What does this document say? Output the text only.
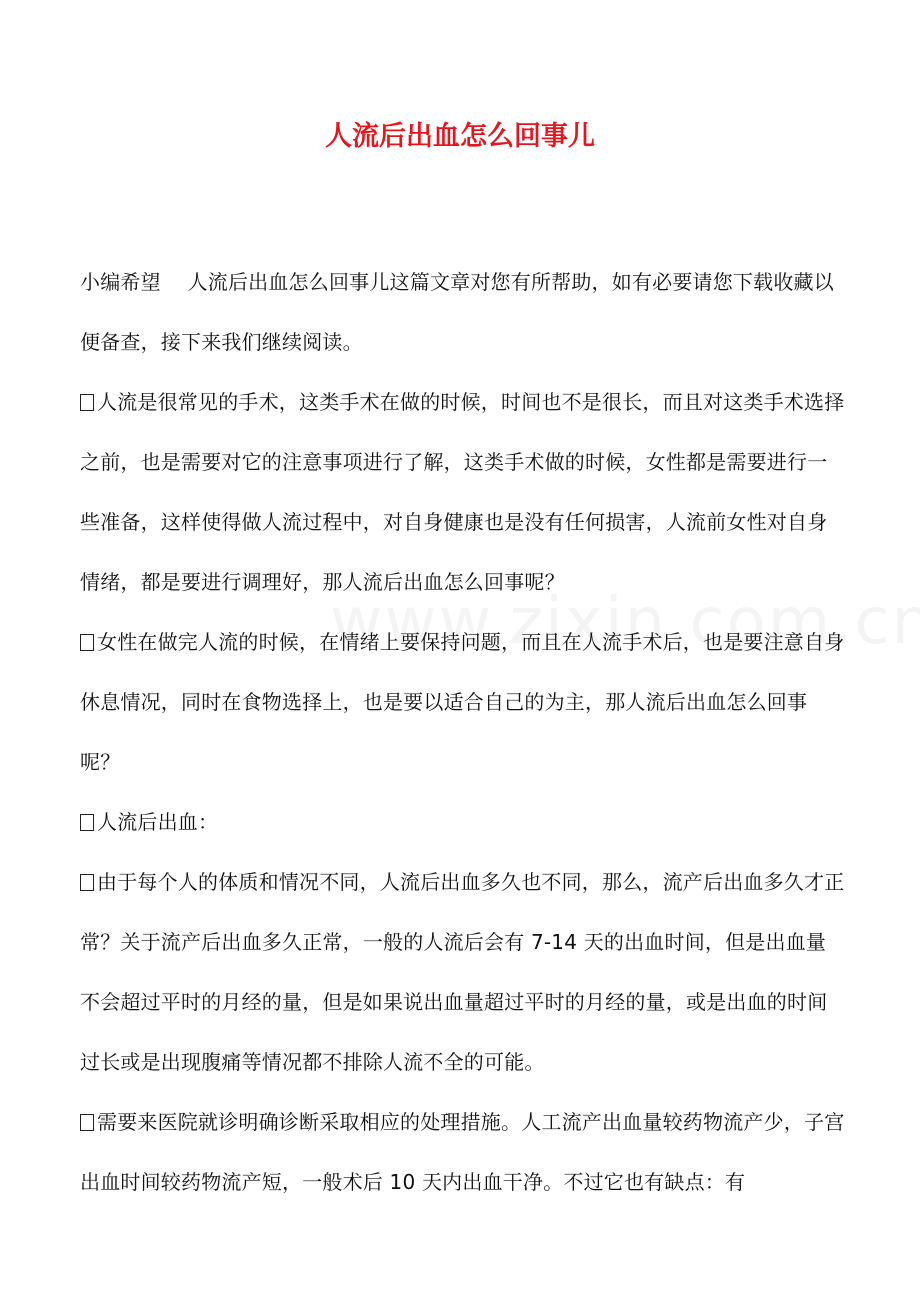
人流后出血怎么回事儿

小编希望　 人流后出血怎么回事儿这篇文章对您有所帮助，如有必要请您下载收藏以便备查，接下来我们继续阅读。

人流是很常见的手术，这类手术在做的时候，时间也不是很长，而且对这类手术选择之前，也是需要对它的注意事项进行了解，这类手术做的时候，女性都是需要进行一些准备，这样使得做人流过程中，对自身健康也是没有任何损害，人流前女性对自身情绪，都是要进行调理好，那人流后出血怎么回事呢？

女性在做完人流的时候，在情绪上要保持问题，而且在人流手术后，也是要注意自身休息情况，同时在食物选择上，也是要以适合自己的为主，那人流后出血怎么回事呢？

人流后出血：

由于每个人的体质和情况不同，人流后出血多久也不同，那么，流产后出血多久才正常？关于流产后出血多久正常，一般的人流后会有 7-14 天的出血时间，但是出血量不会超过平时的月经的量，但是如果说出血量超过平时的月经的量，或是出血的时间过长或是出现腹痛等情况都不排除人流不全的可能。

需要来医院就诊明确诊断采取相应的处理措施。人工流产出血量较药物流产少，子宫出血时间较药物流产短，一般术后 10 天内出血干净。不过它也有缺点：有
